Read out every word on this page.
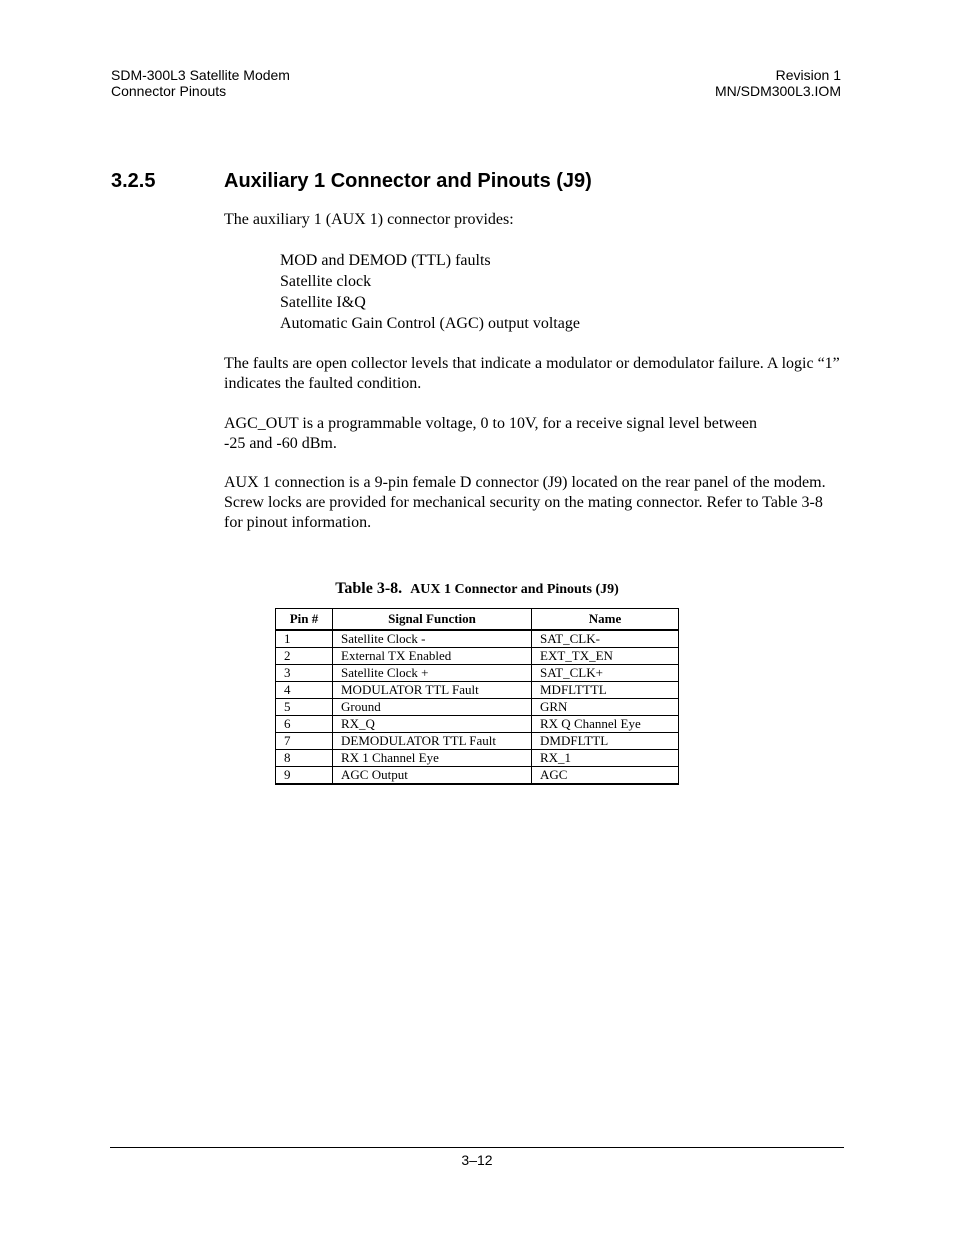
SDM-300L3 Satellite Modem
Connector Pinouts
Revision 1
MN/SDM300L3.IOM
3.2.5	Auxiliary 1 Connector and Pinouts (J9)
The auxiliary 1 (AUX 1) connector provides:
MOD and DEMOD (TTL) faults
Satellite clock
Satellite I&Q
Automatic Gain Control (AGC) output voltage
The faults are open collector levels that indicate a modulator or demodulator failure. A logic “1” indicates the faulted condition.
AGC_OUT is a programmable voltage, 0 to 10V, for a receive signal level between
-25 and -60 dBm.
AUX 1 connection is a 9-pin female D connector (J9) located on the rear panel of the modem. Screw locks are provided for mechanical security on the mating connector. Refer to Table 3-8 for pinout information.
Table 3-8. AUX 1 Connector and Pinouts (J9)
Pin #	Signal Function	Name
1	Satellite Clock -	SAT_CLK-
2	External TX Enabled	EXT_TX_EN
3	Satellite Clock +	SAT_CLK+
4	MODULATOR TTL Fault	MDFLTTTL
5	Ground	GRN
6	RX_Q	RX Q Channel Eye
7	DEMODULATOR TTL Fault	DMDFLTTL
8	RX 1 Channel Eye	RX_1
9	AGC Output	AGC
3–12
